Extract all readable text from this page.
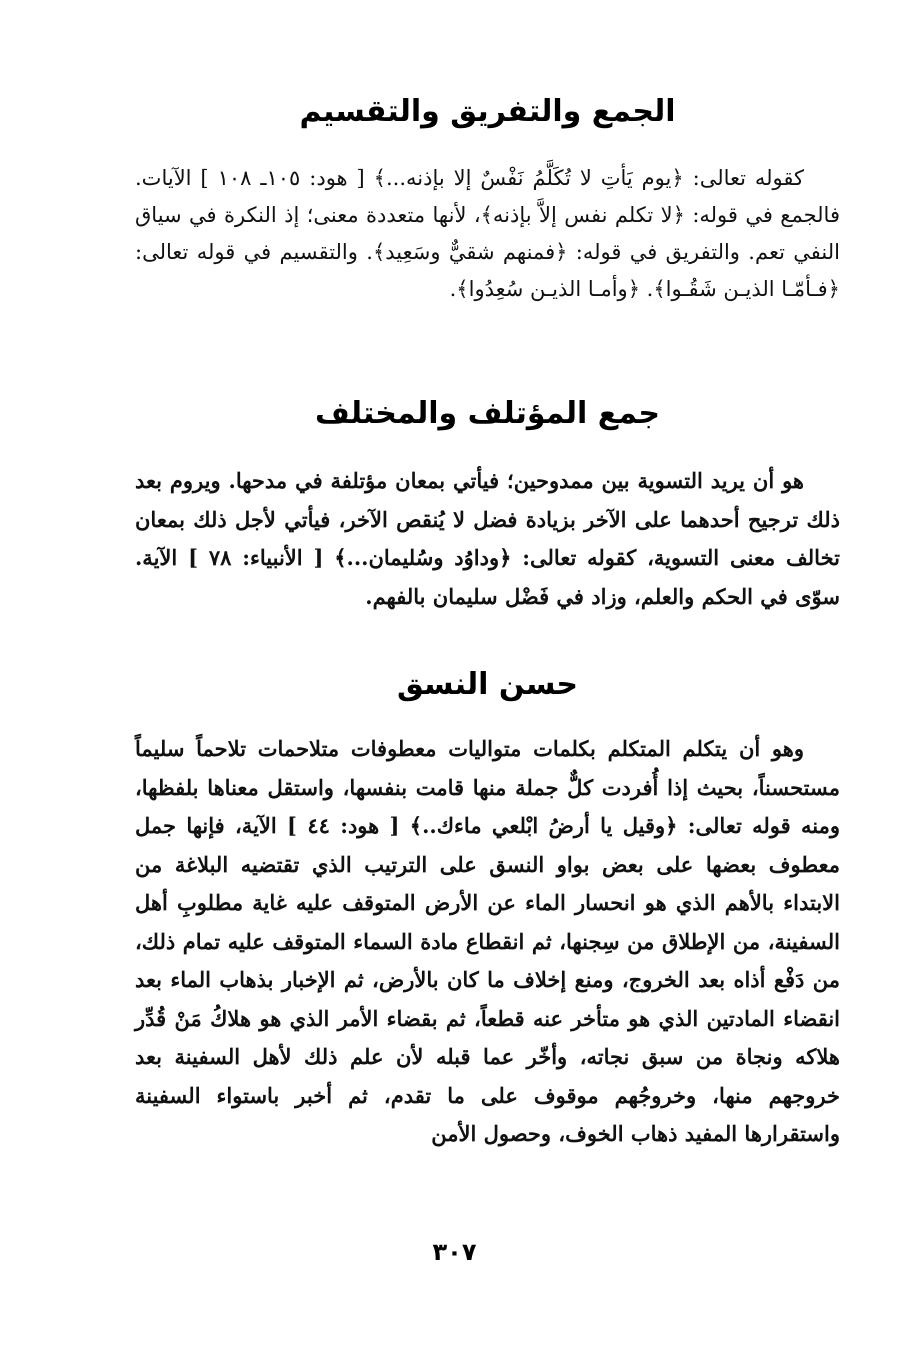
الجمع والتفريق والتقسيم

كقوله تعالى: ﴿يوم يَأتِ لا تُكَلَّمُ نَفْسٌ إلا بإذنه...﴾ [ هود: ١٠٥ـ ١٠٨ ] الآيات. فالجمع في قوله: ﴿لا تكلم نفس إلاَّ بإذنه﴾، لأنها متعددة معنى؛ إذ النكرة في سياق النفي تعم. والتفريق في قوله: ﴿فمنهم شقيٌّ وسَعِيد﴾. والتقسيم في قوله تعالى: ﴿فـأمّـا الذيـن شَقُـوا﴾. ﴿وأمـا الذيـن سُعِدُوا﴾.

جمع المؤتلف والمختلف

هو أن يريد التسوية بين ممدوحين؛ فيأتي بمعان مؤتلفة في مدحها. ويروم بعد ذلك ترجيح أحدهما على الآخر بزيادة فضل لا يُنقص الآخر، فيأتي لأجل ذلك بمعان تخالف معنى التسوية، كقوله تعالى: ﴿وداوُد وسُليمان...﴾ [ الأنبياء: ٧٨ ] الآية. سوّى في الحكم والعلم، وزاد في فَضْل سليمان بالفهم.

حسن النسق

وهو أن يتكلم المتكلم بكلمات متواليات معطوفات متلاحمات تلاحماً سليماً مستحسناً، بحيث إذا أُفردت كلٌّ جملة منها قامت بنفسها، واستقل معناها بلفظها، ومنه قوله تعالى: ﴿وقيل يا أرضُ ابْلعي ماءك..﴾ [ هود: ٤٤ ] الآية، فإنها جمل معطوف بعضها على بعض بواو النسق على الترتيب الذي تقتضيه البلاغة من الابتداء بالأهم الذي هو انحسار الماء عن الأرض المتوقف عليه غاية مطلوبِ أهل السفينة، من الإطلاق من سِجنها، ثم انقطاع مادة السماء المتوقف عليه تمام ذلك، من دَفْع أذاه بعد الخروج، ومنع إخلاف ما كان بالأرض، ثم الإخبار بذهاب الماء بعد انقضاء المادتين الذي هو متأخر عنه قطعاً، ثم بقضاء الأمر الذي هو هلاكُ مَنْ قُدِّر هلاكه ونجاة من سبق نجاته، وأخّر عما قبله لأن علم ذلك لأهل السفينة بعد خروجهم منها، وخروجُهم موقوف على ما تقدم، ثم أخبر باستواء السفينة واستقرارها المفيد ذهاب الخوف، وحصول الأمن

٣٠٧
